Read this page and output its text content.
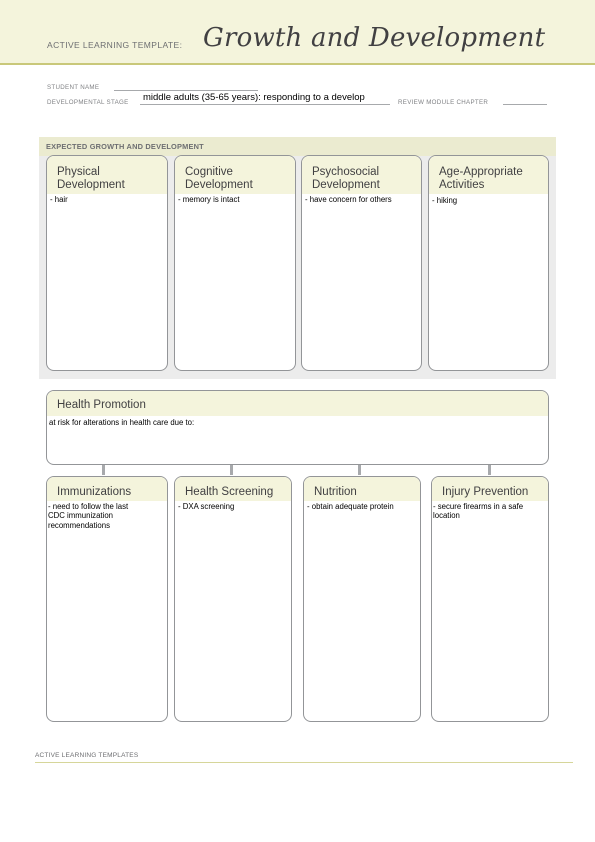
ACTIVE LEARNING TEMPLATE: Growth and Development
STUDENT NAME
DEVELOPMENTAL STAGE middle adults (35-65 years): responding to a develop	REVIEW MODULE CHAPTER
EXPECTED GROWTH AND DEVELOPMENT
Physical
Development
- hair
Cognitive
Development
- memory is intact
Psychosocial
Development
- have concern for others
Age-Appropriate
Activities
- hiking
Health Promotion
at risk for alterations in health care due to:
Immunizations
- need to follow the last
CDC immunization
recommendations
Health Screening
- DXA screening
Nutrition
- obtain adequate protein
Injury Prevention
- secure firearms in a safe
location
ACTIVE LEARNING TEMPLATES
